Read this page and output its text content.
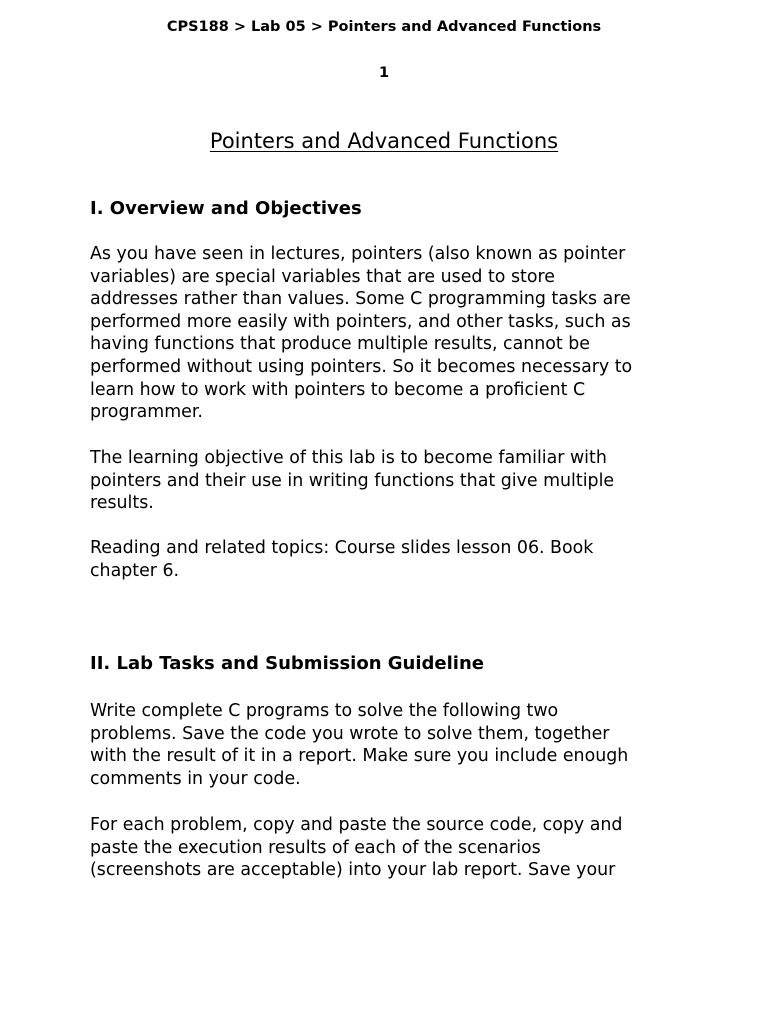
CPS188 > Lab 05 > Pointers and Advanced Functions
1
Pointers and Advanced Functions
I. Overview and Objectives

As you have seen in lectures, pointers (also known as pointer
variables) are special variables that are used to store
addresses rather than values. Some C programming tasks are
performed more easily with pointers, and other tasks, such as
having functions that produce multiple results, cannot be
performed without using pointers. So it becomes necessary to
learn how to work with pointers to become a proficient C
programmer.

The learning objective of this lab is to become familiar with
pointers and their use in writing functions that give multiple
results.

Reading and related topics: Course slides lesson 06. Book
chapter 6.

II. Lab Tasks and Submission Guideline

Write complete C programs to solve the following two
problems. Save the code you wrote to solve them, together
with the result of it in a report. Make sure you include enough
comments in your code.

For each problem, copy and paste the source code, copy and
paste the execution results of each of the scenarios
(screenshots are acceptable) into your lab report. Save your
